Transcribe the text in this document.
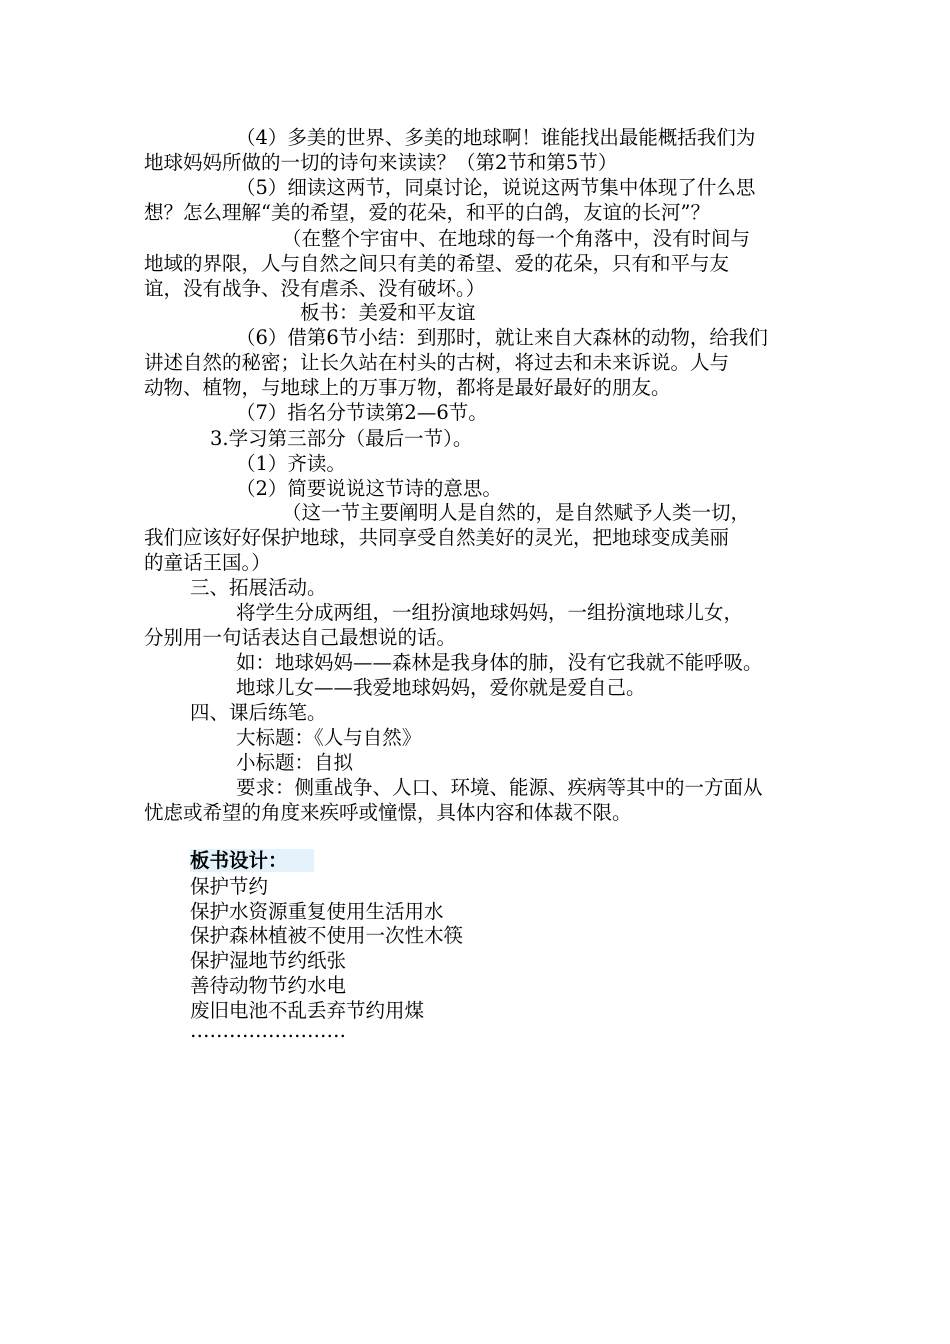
（4）多美的世界、多美的地球啊！谁能找出最能概括我们为
地球妈妈所做的一切的诗句来读读？（第2节和第5节）
（5）细读这两节，同桌讨论，说说这两节集中体现了什么思
想？怎么理解“美的希望，爱的花朵，和平的白鸽，友谊的长河”？
（在整个宇宙中、在地球的每一个角落中，没有时间与
地域的界限，人与自然之间只有美的希望、爱的花朵，只有和平与友
谊，没有战争、没有虐杀、没有破坏。）
板书：美爱和平友谊
（6）借第6节小结：到那时，就让来自大森林的动物，给我们
讲述自然的秘密；让长久站在村头的古树，将过去和未来诉说。人与
动物、植物，与地球上的万事万物，都将是最好最好的朋友。
（7）指名分节读第2—6节。
3.学习第三部分（最后一节）。
（1）齐读。
（2）简要说说这节诗的意思。
（这一节主要阐明人是自然的，是自然赋予人类一切，
我们应该好好保护地球，共同享受自然美好的灵光，把地球变成美丽
的童话王国。）
三、拓展活动。
将学生分成两组，一组扮演地球妈妈，一组扮演地球儿女，
分别用一句话表达自己最想说的话。
如：地球妈妈——森林是我身体的肺，没有它我就不能呼吸。
地球儿女——我爱地球妈妈，爱你就是爱自己。
四、课后练笔。
大标题：《人与自然》
小标题：自拟
要求：侧重战争、人口、环境、能源、疾病等其中的一方面从
忧虑或希望的角度来疾呼或憧憬，具体内容和体裁不限。
板书设计：
保护节约
保护水资源重复使用生活用水
保护森林植被不使用一次性木筷
保护湿地节约纸张
善待动物节约水电
废旧电池不乱丢弃节约用煤
……………………
